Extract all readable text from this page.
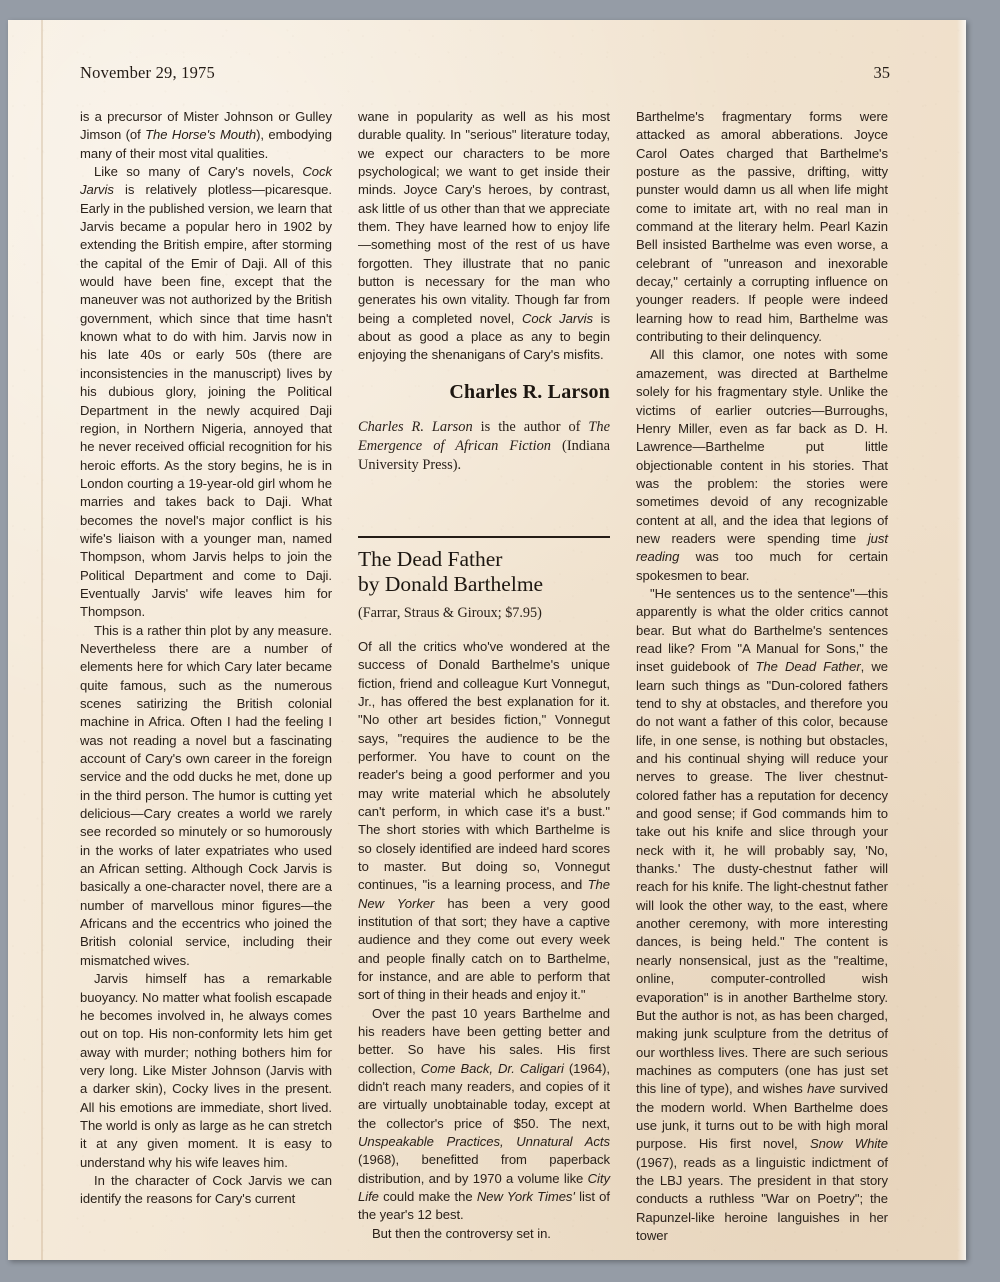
November 29, 1975	35

is a precursor of Mister Johnson or Gulley Jimson (of The Horse's Mouth), embodying many of their most vital qualities.

Like so many of Cary's novels, Cock Jarvis is relatively plotless—picaresque. Early in the published version, we learn that Jarvis became a popular hero in 1902 by extending the British empire, after storming the capital of the Emir of Daji. All of this would have been fine, except that the maneuver was not authorized by the British government, which since that time hasn't known what to do with him. Jarvis now in his late 40s or early 50s (there are inconsistencies in the manuscript) lives by his dubious glory, joining the Political Department in the newly acquired Daji region, in Northern Nigeria, annoyed that he never received official recognition for his heroic efforts. As the story begins, he is in London courting a 19-year-old girl whom he marries and takes back to Daji. What becomes the novel's major conflict is his wife's liaison with a younger man, named Thompson, whom Jarvis helps to join the Political Department and come to Daji. Eventually Jarvis' wife leaves him for Thompson.

This is a rather thin plot by any measure. Nevertheless there are a number of elements here for which Cary later became quite famous, such as the numerous scenes satirizing the British colonial machine in Africa. Often I had the feeling I was not reading a novel but a fascinating account of Cary's own career in the foreign service and the odd ducks he met, done up in the third person. The humor is cutting yet delicious—Cary creates a world we rarely see recorded so minutely or so humorously in the works of later expatriates who used an African setting. Although Cock Jarvis is basically a one-character novel, there are a number of marvellous minor figures—the Africans and the eccentrics who joined the British colonial service, including their mismatched wives.

Jarvis himself has a remarkable buoyancy. No matter what foolish escapade he becomes involved in, he always comes out on top. His non-conformity lets him get away with murder; nothing bothers him for very long. Like Mister Johnson (Jarvis with a darker skin), Cocky lives in the present. All his emotions are immediate, short lived. The world is only as large as he can stretch it at any given moment. It is easy to understand why his wife leaves him.

In the character of Cock Jarvis we can identify the reasons for Cary's current

wane in popularity as well as his most durable quality. In "serious" literature today, we expect our characters to be more psychological; we want to get inside their minds. Joyce Cary's heroes, by contrast, ask little of us other than that we appreciate them. They have learned how to enjoy life—something most of the rest of us have forgotten. They illustrate that no panic button is necessary for the man who generates his own vitality. Though far from being a completed novel, Cock Jarvis is about as good a place as any to begin enjoying the shenanigans of Cary's misfits.

Charles R. Larson

Charles R. Larson is the author of The Emergence of African Fiction (Indiana University Press).

The Dead Father
by Donald Barthelme
(Farrar, Straus & Giroux; $7.95)

Of all the critics who've wondered at the success of Donald Barthelme's unique fiction, friend and colleague Kurt Vonnegut, Jr., has offered the best explanation for it. "No other art besides fiction," Vonnegut says, "requires the audience to be the performer. You have to count on the reader's being a good performer and you may write material which he absolutely can't perform, in which case it's a bust." The short stories with which Barthelme is so closely identified are indeed hard scores to master. But doing so, Vonnegut continues, "is a learning process, and The New Yorker has been a very good institution of that sort; they have a captive audience and they come out every week and people finally catch on to Barthelme, for instance, and are able to perform that sort of thing in their heads and enjoy it."

Over the past 10 years Barthelme and his readers have been getting better and better. So have his sales. His first collection, Come Back, Dr. Caligari (1964), didn't reach many readers, and copies of it are virtually unobtainable today, except at the collector's price of $50. The next, Unspeakable Practices, Unnatural Acts (1968), benefitted from paperback distribution, and by 1970 a volume like City Life could make the New York Times' list of the year's 12 best.

But then the controversy set in.

Barthelme's fragmentary forms were attacked as amoral abberations. Joyce Carol Oates charged that Barthelme's posture as the passive, drifting, witty punster would damn us all when life might come to imitate art, with no real man in command at the literary helm. Pearl Kazin Bell insisted Barthelme was even worse, a celebrant of "unreason and inexorable decay," certainly a corrupting influence on younger readers. If people were indeed learning how to read him, Barthelme was contributing to their delinquency.

All this clamor, one notes with some amazement, was directed at Barthelme solely for his fragmentary style. Unlike the victims of earlier outcries—Burroughs, Henry Miller, even as far back as D. H. Lawrence—Barthelme put little objectionable content in his stories. That was the problem: the stories were sometimes devoid of any recognizable content at all, and the idea that legions of new readers were spending time just reading was too much for certain spokesmen to bear.

"He sentences us to the sentence"—this apparently is what the older critics cannot bear. But what do Barthelme's sentences read like? From "A Manual for Sons," the inset guidebook of The Dead Father, we learn such things as "Dun-colored fathers tend to shy at obstacles, and therefore you do not want a father of this color, because life, in one sense, is nothing but obstacles, and his continual shying will reduce your nerves to grease. The liver chestnut-colored father has a reputation for decency and good sense; if God commands him to take out his knife and slice through your neck with it, he will probably say, 'No, thanks.' The dusty-chestnut father will reach for his knife. The light-chestnut father will look the other way, to the east, where another ceremony, with more interesting dances, is being held." The content is nearly nonsensical, just as the "realtime, online, computer-controlled wish evaporation" is in another Barthelme story. But the author is not, as has been charged, making junk sculpture from the detritus of our worthless lives. There are such serious machines as computers (one has just set this line of type), and wishes have survived the modern world. When Barthelme does use junk, it turns out to be with high moral purpose. His first novel, Snow White (1967), reads as a linguistic indictment of the LBJ years. The president in that story conducts a ruthless "War on Poetry"; the Rapunzel-like heroine languishes in her tower
